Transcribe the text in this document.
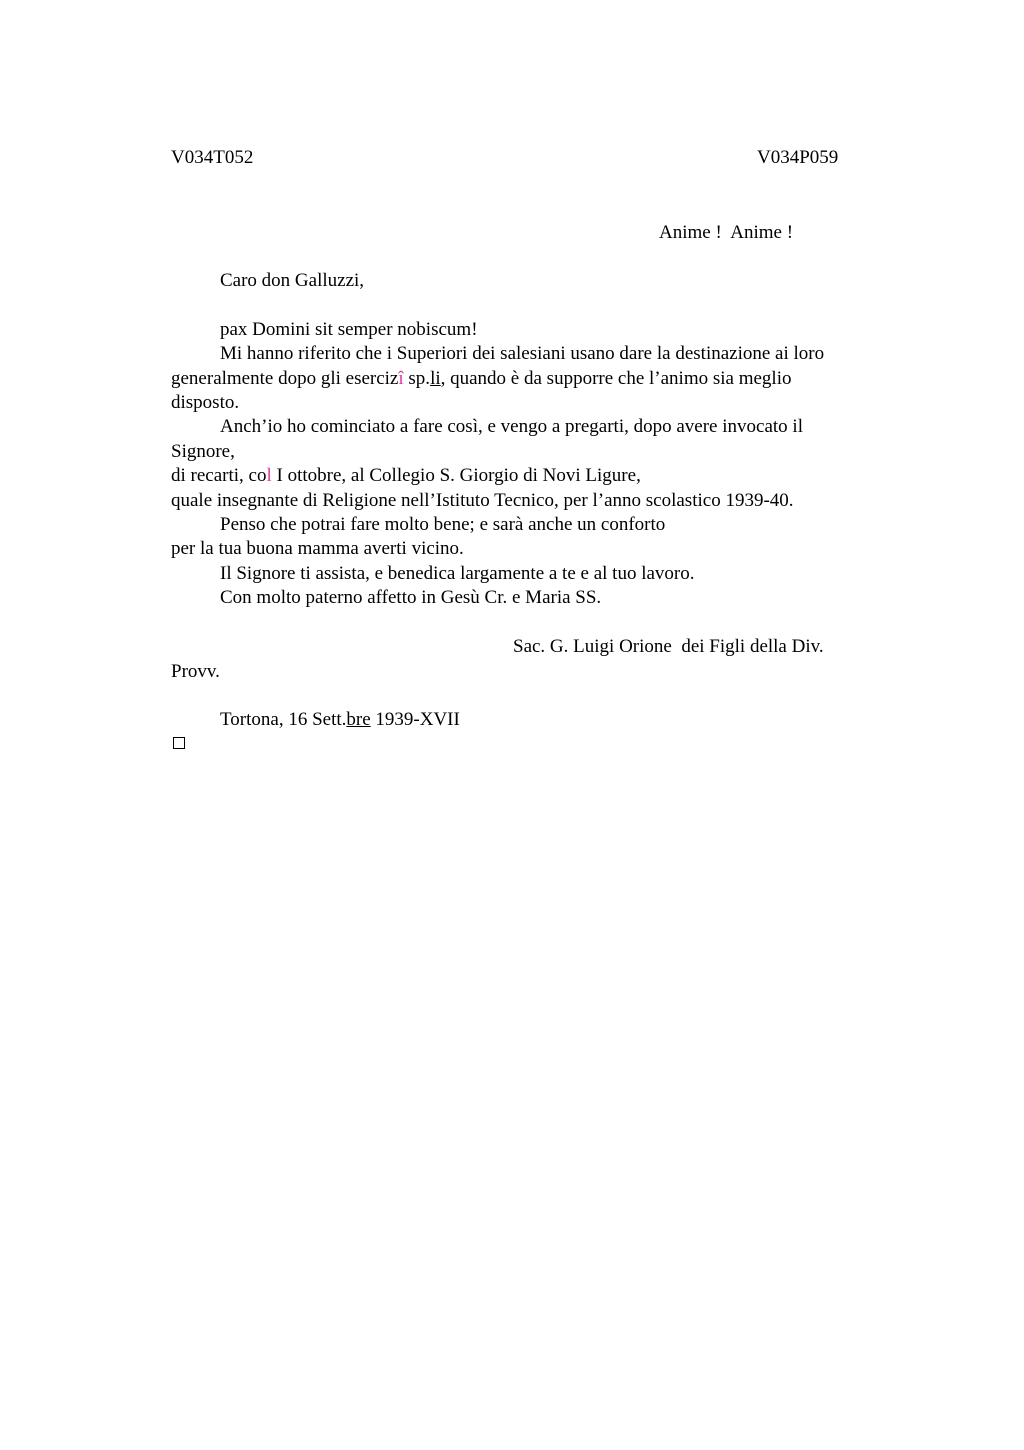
V034T052	V034P059
Anime !  Anime !
Caro don Galluzzi,
pax Domini sit semper nobiscum!
Mi hanno riferito che i Superiori dei salesiani usano dare la destinazione ai loro
generalmente dopo gli esercizî sp.li, quando è da supporre che l’animo sia meglio
disposto.
Anch’io ho cominciato a fare così, e vengo a pregarti, dopo avere invocato il
Signore,
di recarti, col I ottobre, al Collegio S. Giorgio di Novi Ligure,
quale insegnante di Religione nell’Istituto Tecnico, per l’anno scolastico 1939-40.
Penso che potrai fare molto bene; e sarà anche un conforto
per la tua buona mamma averti vicino.
Il Signore ti assista, e benedica largamente a te e al tuo lavoro.
Con molto paterno affetto in Gesù Cr. e Maria SS.
Sac. G. Luigi Orione  dei Figli della Div.
Provv.
Tortona, 16 Sett.bre 1939-XVII
